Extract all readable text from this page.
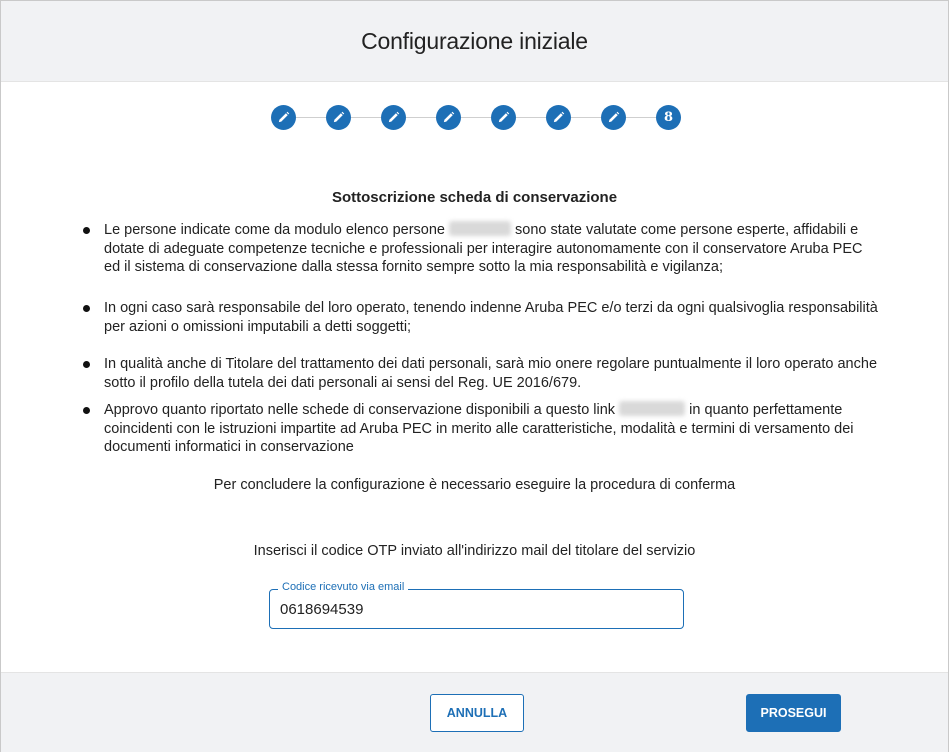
Configurazione iniziale
8
Sottoscrizione scheda di conservazione
Le persone indicate come da modulo elenco persone	sono state valutate come persone esperte, affidabili e dotate di adeguate competenze tecniche e professionali per interagire autonomamente con il conservatore Aruba PEC ed il sistema di conservazione dalla stessa fornito sempre sotto la mia responsabilità e vigilanza;
In ogni caso sarà responsabile del loro operato, tenendo indenne Aruba PEC e/o terzi da ogni qualsivoglia responsabilità per azioni o omissioni imputabili a detti soggetti;
In qualità anche di Titolare del trattamento dei dati personali, sarà mio onere regolare puntualmente il loro operato anche sotto il profilo della tutela dei dati personali ai sensi del Reg. UE 2016/679.
Approvo quanto riportato nelle schede di conservazione disponibili a questo link	in quanto perfettamente coincidenti con le istruzioni impartite ad Aruba PEC in merito alle caratteristiche, modalità e termini di versamento dei documenti informatici in conservazione
Per concludere la configurazione è necessario eseguire la procedura di conferma
Inserisci il codice OTP inviato all'indirizzo mail del titolare del servizio
Codice ricevuto via email
0618694539
ANNULLA	PROSEGUI
